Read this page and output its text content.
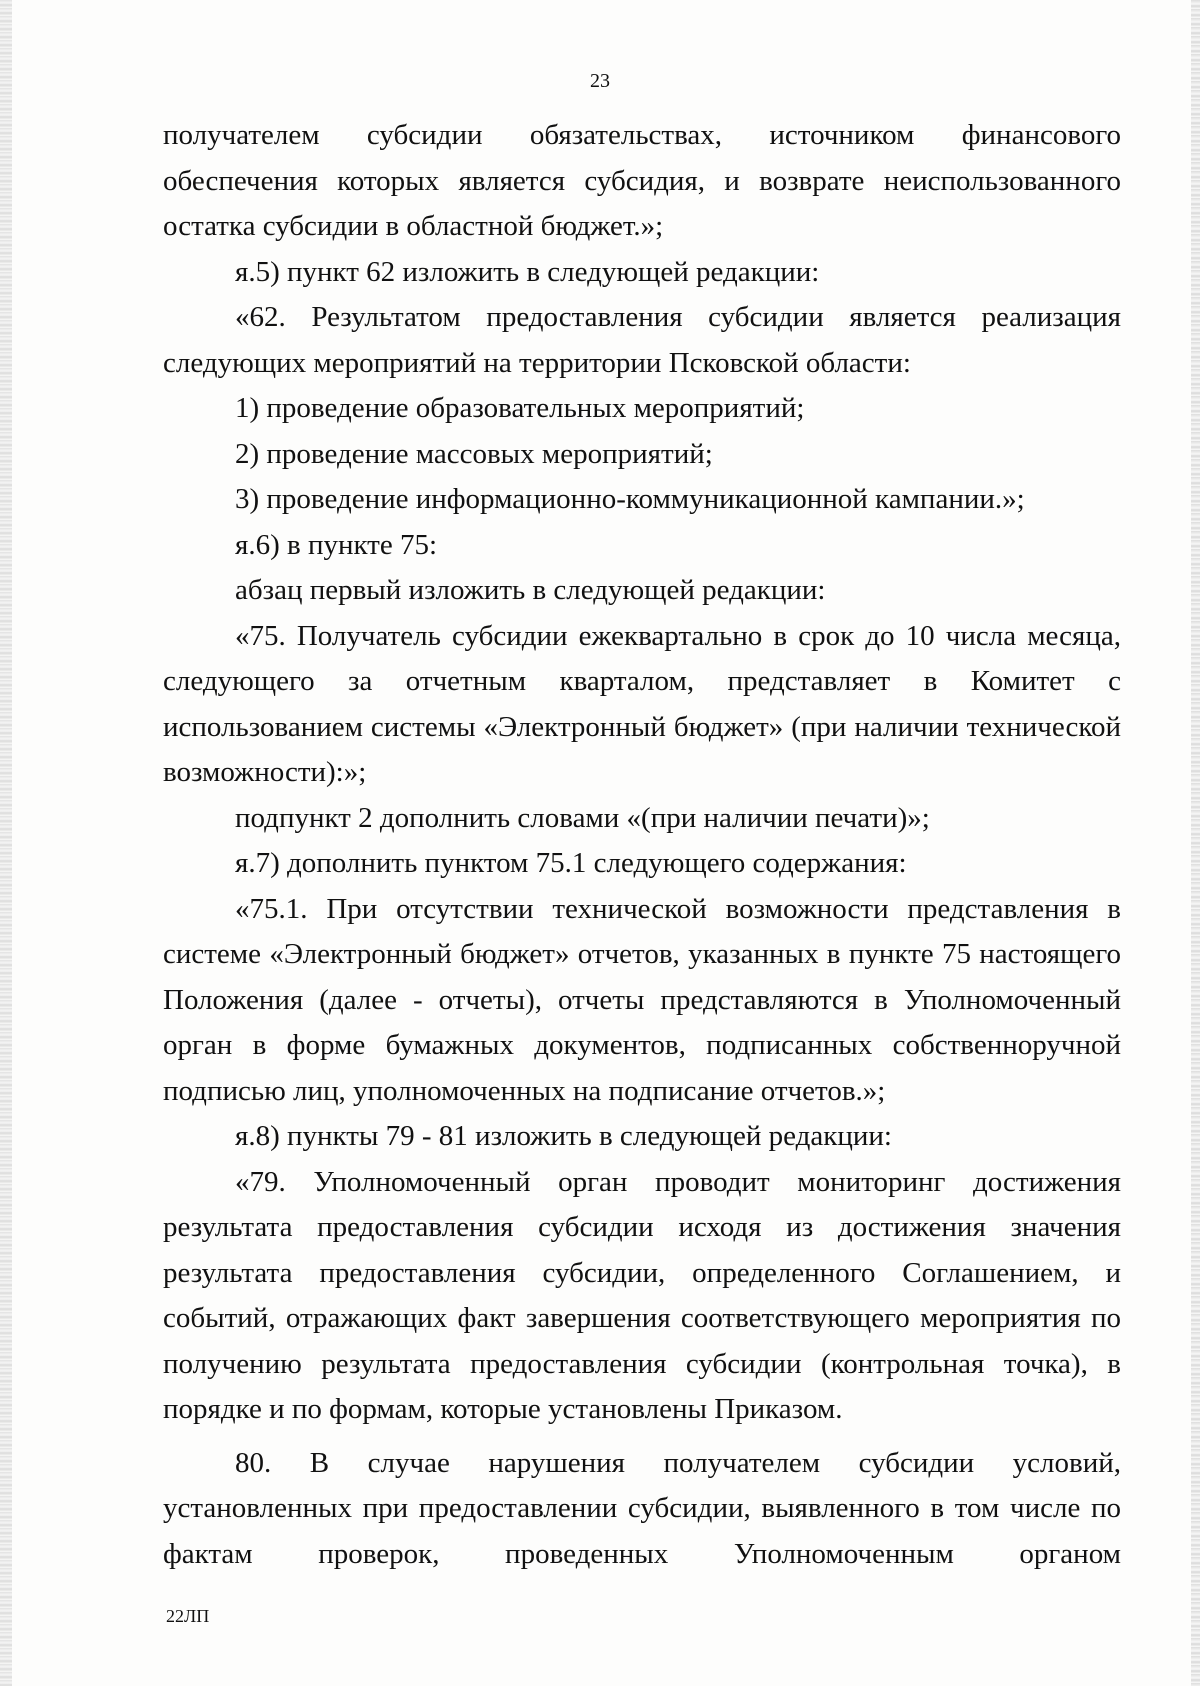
23

получателем субсидии обязательствах, источником финансового обеспечения которых является субсидия, и возврате неиспользованного остатка субсидии в областной бюджет.»;

я.5) пункт 62 изложить в следующей редакции:

«62. Результатом предоставления субсидии является реализация следующих мероприятий на территории Псковской области:

1) проведение образовательных мероприятий;

2) проведение массовых мероприятий;

3) проведение информационно-коммуникационной кампании.»;

я.6) в пункте 75:

абзац первый изложить в следующей редакции:

«75. Получатель субсидии ежеквартально в срок до 10 числа месяца, следующего за отчетным кварталом, представляет в Комитет с использованием системы «Электронный бюджет» (при наличии технической возможности):»;

подпункт 2 дополнить словами «(при наличии печати)»;

я.7) дополнить пунктом 75.1 следующего содержания:

«75.1. При отсутствии технической возможности представления в системе «Электронный бюджет» отчетов, указанных в пункте 75 настоящего Положения (далее - отчеты), отчеты представляются в Уполномоченный орган в форме бумажных документов, подписанных собственноручной подписью лиц, уполномоченных на подписание отчетов.»;

я.8) пункты 79 - 81 изложить в следующей редакции:

«79. Уполномоченный орган проводит мониторинг достижения результата предоставления субсидии исходя из достижения значения результата предоставления субсидии, определенного Соглашением, и событий, отражающих факт завершения соответствующего мероприятия по получению результата предоставления субсидии (контрольная точка), в порядке и по формам, которые установлены Приказом.

80. В случае нарушения получателем субсидии условий, установленных при предоставлении субсидии, выявленного в том числе по фактам проверок, проведенных Уполномоченным органом

22ЛП
